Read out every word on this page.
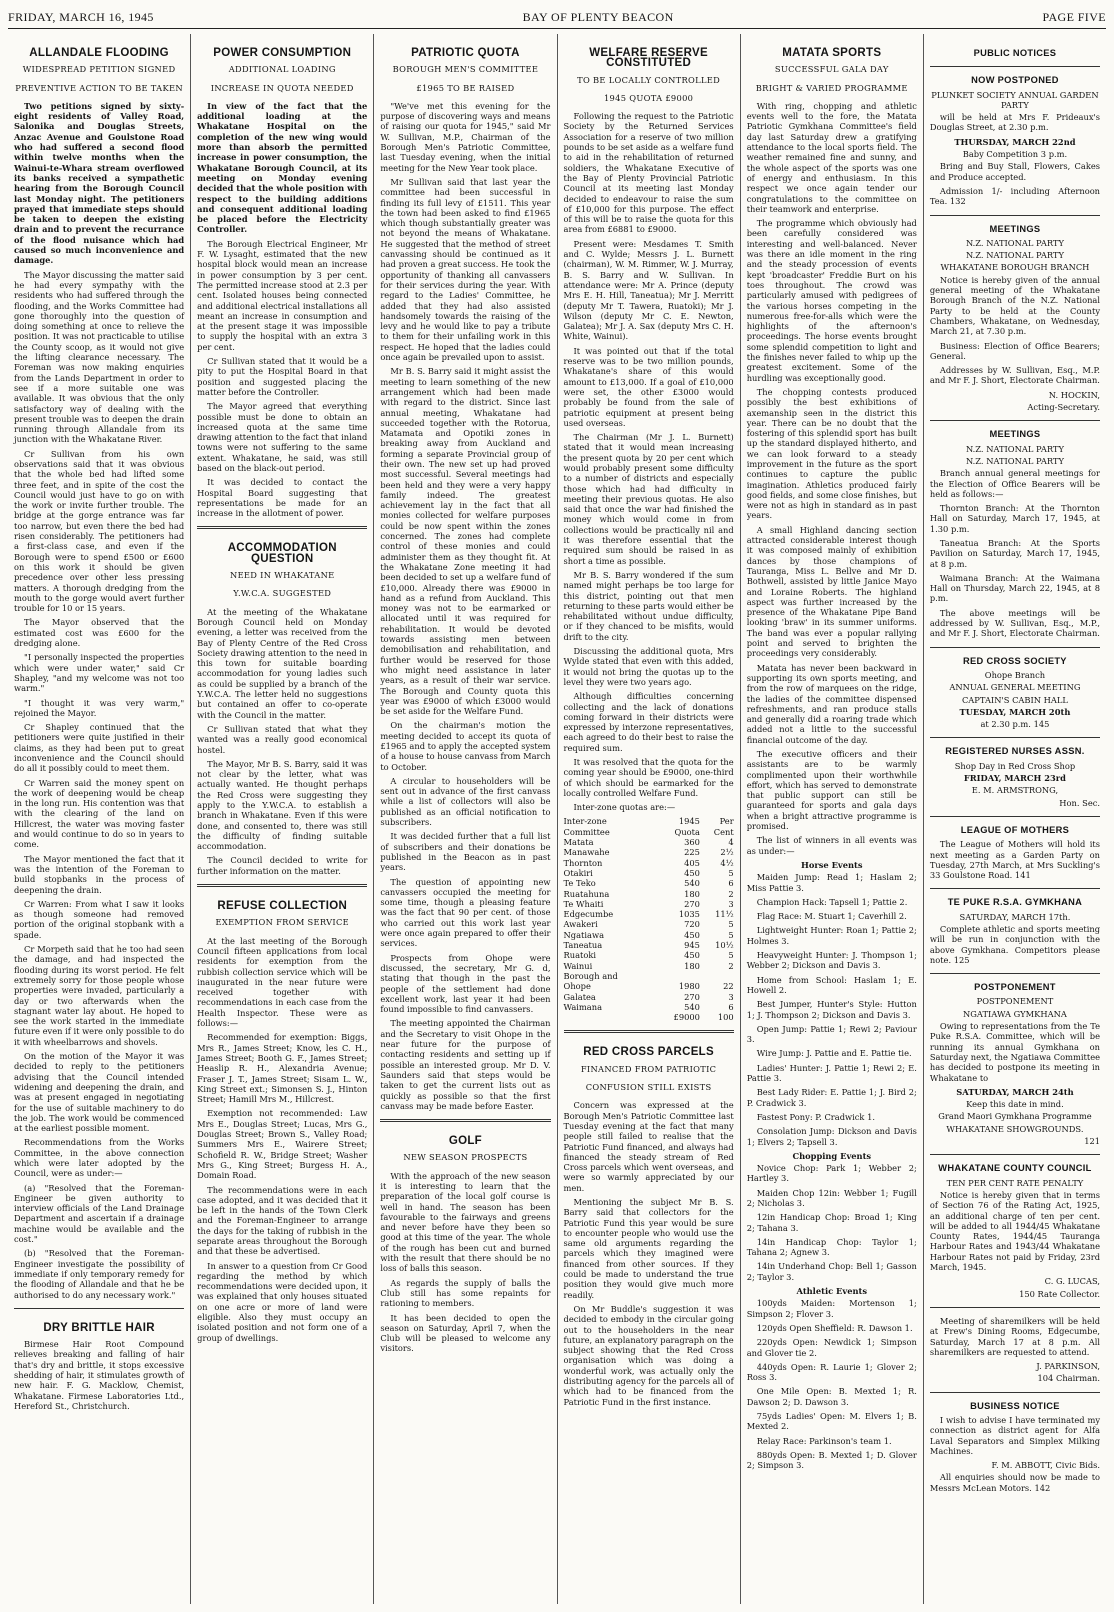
FRIDAY, MARCH 16, 1945	BAY OF PLENTY BEACON	PAGE FIVE
ALLANDALE FLOODING
WIDESPREAD PETITION SIGNED
PREVENTIVE ACTION TO BE TAKEN

Two petitions signed by sixty-eight residents of Valley Road, Salonika and Douglas Streets, Anzac Avenue and Goulstone Road who had suffered a second flood within twelve months when the Wainui-te-Whara stream overflowed its banks received a sympathetic hearing from the Borough Council last Monday night. The petitioners prayed that immediate steps should be taken to deepen the existing drain and to prevent the recurrance of the flood nuisance which had caused so much inconvenience and damage.

The Mayor discussing the matter said he had every sympathy with the residents who had suffered through the flooding, and the Works Committee had gone thoroughly into the question of doing something at once to relieve the position. It was not practicable to utilise the County scoop, as it would not give the lifting clearance necessary. The Foreman was now making enquiries from the Lands Department in order to see if a more suitable one was available. It was obvious that the only satisfactory way of dealing with the present trouble was to deepen the drain running through Allandale from its junction with the Whakatane River.

Cr Sullivan from his own observations said that it was obvious that the whole bed had lifted some three feet, and in spite of the cost the Council would just have to go on with the work or invite further trouble. The bridge at the gorge entrance was far too narrow, but even there the bed had risen considerably. The petitioners had a first-class case, and even if the Borough were to spend £500 or £600 on this work it should be given precedence over other less pressing matters. A thorough dredging from the mouth to the gorge would avert further trouble for 10 or 15 years.

The Mayor observed that the estimated cost was £600 for the dredging alone.

"I personally inspected the properties which were under water," said Cr Shapley, "and my welcome was not too warm."

"I thought it was very warm," rejoined the Mayor.

Cr Shapley continued that the petitioners were quite justified in their claims, as they had been put to great inconvenience and the Council should do all it possibly could to meet them.

Cr Warren said the money spent on the work of deepening would be cheap in the long run. His contention was that with the clearing of the land on Hillcrest, the water was moving faster and would continue to do so in years to come.

The Mayor mentioned the fact that it was the intention of the Foreman to build stopbanks in the process of deepening the drain.

Cr Warren: From what I saw it looks as though someone had removed portion of the original stopbank with a spade.

Cr Morpeth said that he too had seen the damage, and had inspected the flooding during its worst period. He felt extremely sorry for those people whose properties were invaded, particularly a day or two afterwards when the stagnant water lay about. He hoped to see the work started in the immediate future even if it were only possible to do it with wheelbarrows and shovels.

On the motion of the Mayor it was decided to reply to the petitioners advising that the Council intended widening and deepening the drain, and was at present engaged in negotiating for the use of suitable machinery to do the job. The work would be commenced at the earliest possible moment.

Recommendations from the Works Committee, in the above connection which were later adopted by the Council, were as under:—

(a) "Resolved that the Foreman-Engineer be given authority to interview officials of the Land Drainage Department and ascertain if a drainage machine would be available and the cost."

(b) "Resolved that the Foreman-Engineer investigate the possibility of immediate if only temporary remedy for the flooding of Allandale and that he be authorised to do any necessary work."

DRY BRITTLE HAIR

Birmese Hair Root Compound relieves breaking and falling of hair that's dry and brittle, it stops excessive shedding of hair, it stimulates growth of new hair. F. G. Macklow, Chemist, Whakatane. Firmese Laboratories Ltd., Hereford St., Christchurch.

POWER CONSUMPTION
ADDITIONAL LOADING
INCREASE IN QUOTA NEEDED

In view of the fact that the additional loading at the Whakatane Hospital on the completion of the new wing would more than absorb the permitted increase in power consumption, the Whakatane Borough Council, at its meeting on Monday evening decided that the whole position with respect to the building additions and consequent additional loading be placed before the Electricity Controller.

The Borough Electrical Engineer, Mr F. W. Lysaght, estimated that the new hospital block would mean an increase in power consumption by 3 per cent. The permitted increase stood at 2.3 per cent. Isolated houses being connected and additional electrical installations all meant an increase in consumption and at the present stage it was impossible to supply the hospital with an extra 3 per cent.

Cr Sullivan stated that it would be a pity to put the Hospital Board in that position and suggested placing the matter before the Controller.

The Mayor agreed that everything possible must be done to obtain an increased quota at the same time drawing attention to the fact that inland towns were not suffering to the same extent. Whakatane, he said, was still based on the black-out period.

It was decided to contact the Hospital Board suggesting that representations be made for an increase in the allotment of power.

ACCOMMODATION QUESTION
NEED IN WHAKATANE
Y.W.C.A. SUGGESTED

At the meeting of the Whakatane Borough Council held on Monday evening, a letter was received from the Bay of Plenty Centre of the Red Cross Society drawing attention to the need in this town for suitable boarding accommodation for young ladies such as could be supplied by a branch of the Y.W.C.A. The letter held no suggestions but contained an offer to co-operate with the Council in the matter.

Cr Sullivan stated that what they wanted was a really good economical hostel.

The Mayor, Mr B. S. Barry, said it was not clear by the letter, what was actually wanted. He thought perhaps the Red Cross were suggesting they apply to the Y.W.C.A. to establish a branch in Whakatane. Even if this were done, and consented to, there was still the difficulty of finding suitable accommodation.

The Council decided to write for further information on the matter.

REFUSE COLLECTION
EXEMPTION FROM SERVICE

At the last meeting of the Borough Council fifteen applications from local residents for exemption from the rubbish collection service which will be inaugurated in the near future were received together with recommendations in each case from the Health Inspector. These were as follows:—

Recommended for exemption: Biggs, Mrs R., James Street; Know, les C. H., James Street; Booth G. F., James Street; Heaslip R. H., Alexandria Avenue; Fraser J. T., James Street; Sisam L. W., King Street ext.; Simonsen S. J., Hinton Street; Hamill Mrs M., Hillcrest.

Exemption not recommended: Law Mrs E., Douglas Street; Lucas, Mrs G., Douglas Street; Brown S., Valley Road; Summers Mrs E., Wairere Street; Schofield R. W., Bridge Street; Washer Mrs G., King Street; Burgess H. A., Domain Road.

The recommendations were in each case adopted, and it was decided that it be left in the hands of the Town Clerk and the Foreman-Engineer to arrange the days for the taking of rubbish in the separate areas throughout the Borough and that these be advertised.

In answer to a question from Cr Good regarding the method by which recommendations were decided upon, it was explained that only houses situated on one acre or more of land were eligible. Also they must occupy an isolated position and not form one of a group of dwellings.

PATRIOTIC QUOTA
BOROUGH MEN'S COMMITTEE
£1965 TO BE RAISED

"We've met this evening for the purpose of discovering ways and means of raising our quota for 1945," said Mr W. Sullivan, M.P., Chairman of the Borough Men's Patriotic Committee, last Tuesday evening, when the initial meeting for the New Year took place.

Mr Sullivan said that last year the committee had been successful in finding its full levy of £1511. This year the town had been asked to find £1965 which though substantially greater was not beyond the means of Whakatane. He suggested that the method of street canvassing should be continued as it had proven a great success. He took the opportunity of thanking all canvassers for their services during the year. With regard to the Ladies' Committee, he added that they had also assisted handsomely towards the raising of the levy and he would like to pay a tribute to them for their unfailing work in this respect. He hoped that the ladies could once again be prevailed upon to assist.

Mr B. S. Barry said it might assist the meeting to learn something of the new arrangement which had been made with regard to the district. Since last annual meeting, Whakatane had succeeded together with the Rotorua, Matamata and Opotiki zones in breaking away from Auckland and forming a separate Provincial group of their own. The new set up had proved most successful. Several meetings had been held and they were a very happy family indeed. The greatest achievement lay in the fact that all monies collected for welfare purposes could be now spent within the zones concerned. The zones had complete control of these monies and could administer them as they thought fit. At the Whakatane Zone meeting it had been decided to set up a welfare fund of £10,000. Already there was £9000 in hand as a refund from Auckland. This money was not to be earmarked or allocated until it was required for rehabilitation. It would be devoted towards assisting men between demobilisation and rehabilitation, and further would be reserved for those who might need assistance in later years, as a result of their war service. The Borough and County quota this year was £9000 of which £3000 would be set aside for the Welfare Fund.

On the chairman's motion the meeting decided to accept its quota of £1965 and to apply the accepted system of a house to house canvass from March to October.

A circular to householders will be sent out in advance of the first canvass while a list of collectors will also be published as an official notification to subscribers.

It was decided further that a full list of subscribers and their donations be published in the Beacon as in past years.

The question of appointing new canvassers occupied the meeting for some time, though a pleasing feature was the fact that 90 per cent. of those who carried out this work last year were once again prepared to offer their services.

Prospects from Ohope were discussed, the secretary, Mr G. d, stating that though in the past the people of the settlement had done excellent work, last year it had been found impossible to find canvassers.

The meeting appointed the Chairman and the Secretary to visit Ohope in the near future for the purpose of contacting residents and setting up if possible an interested group. Mr D. V. Saunders said that steps would be taken to get the current lists out as quickly as possible so that the first canvass may be made before Easter.

GOLF
NEW SEASON PROSPECTS

With the approach of the new season it is interesting to learn that the preparation of the local golf course is well in hand. The season has been favourable to the fairways and greens and never before have they been so good at this time of the year. The whole of the rough has been cut and burned with the result that there should be no loss of balls this season.

As regards the supply of balls the Club still has some repaints for rationing to members.

It has been decided to open the season on Saturday, April 7, when the Club will be pleased to welcome any visitors.

WELFARE RESERVE CONSTITUTED
TO BE LOCALLY CONTROLLED
1945 QUOTA £9000

Following the request to the Patriotic Society by the Returned Services Association for a reserve of two million pounds to be set aside as a welfare fund to aid in the rehabilitation of returned soldiers, the Whakatane Executive of the Bay of Plenty Provincial Patriotic Council at its meeting last Monday decided to endeavour to raise the sum of £10,000 for this purpose. The effect of this will be to raise the quota for this area from £6881 to £9000.

Present were: Mesdames T. Smith and C. Wylde; Messrs J. L. Burnett (chairman), W. M. Rimmer, W. J. Murray, B. S. Barry and W. Sullivan. In attendance were: Mr A. Prince (deputy Mrs E. H. Hill, Taneatua); Mr J. Merritt (deputy Mr T. Tawera, Ruatoki); Mr J. Wilson (deputy Mr C. E. Newton, Galatea); Mr J. A. Sax (deputy Mrs C. H. White, Wainui).

It was pointed out that if the total reserve was to be two million pounds, Whakatane's share of this would amount to £13,000. If a goal of £10,000 were set, the other £3000 would probably be found from the sale of patriotic equipment at present being used overseas.

The Chairman (Mr J. L. Burnett) stated that it would mean increasing the present quota by 20 per cent which would probably present some difficulty to a number of districts and especially those which had had difficulty in meeting their previous quotas. He also said that once the war had finished the money which would come in from collections would be practically nil and it was therefore essential that the required sum should be raised in as short a time as possible.

Mr B. S. Barry wondered if the sum named might perhaps be too large for this district, pointing out that men returning to these parts would either be rehabilitated without undue difficulty, or if they chanced to be misfits, would drift to the city.

Discussing the additional quota, Mrs Wylde stated that even with this added, it would not bring the quotas up to the level they were two years ago.

Although difficulties concerning collecting and the lack of donations coming forward in their districts were expressed by interzone representatives, each agreed to do their best to raise the required sum.

It was resolved that the quota for the coming year should be £9000, one-third of which should be earmarked for the locally controlled Welfare Fund.

Inter-zone quotas are:—

Inter-zone	1945	Per
Committee	Quota	Cent
Matata	360	4
Manawahe	225	2½
Thornton	405	4½
Otakiri	450	5
Te Teko	540	6
Ruatahuna	180	2
Te Whaiti	270	3
Edgecumbe	1035	11½
Awakeri	720	5
Ngatiawa	450	5
Taneatua	945	10½
Ruatoki	450	5
Wainui	180	2
Borough and		
Ohope	1980	22
Galatea	270	3
Waimana	540	6
	£9000	100
RED CROSS PARCELS
FINANCED FROM PATRIOTIC
CONFUSION STILL EXISTS

Concern was expressed at the Borough Men's Patriotic Committee last Tuesday evening at the fact that many people still failed to realise that the Patriotic Fund financed, and always had financed the steady stream of Red Cross parcels which went overseas, and were so warmly appreciated by our men.

Mentioning the subject Mr B. S. Barry said that collectors for the Patriotic Fund this year would be sure to encounter people who would use the same old arguments regarding the parcels which they imagined were financed from other sources. If they could be made to understand the true position they would give much more readily.

On Mr Buddle's suggestion it was decided to embody in the circular going out to the householders in the near future, an explanatory paragraph on the subject showing that the Red Cross organisation which was doing a wonderful work, was actually only the distributing agency for the parcels all of which had to be financed from the Patriotic Fund in the first instance.

MATATA SPORTS
SUCCESSFUL GALA DAY
BRIGHT & VARIED PROGRAMME

With ring, chopping and athletic events well to the fore, the Matata Patriotic Gymkhana Committee's field day last Saturday drew a gratifying attendance to the local sports field. The weather remained fine and sunny, and the whole aspect of the sports was one of energy and enthusiasm. In this respect we once again tender our congratulations to the committee on their teamwork and enterprise.

The programme which obviously had been carefully considered was interesting and well-balanced. Never was there an idle moment in the ring and the steady procession of events kept 'broadcaster' Freddie Burt on his toes throughout. The crowd was particularly amused with pedigrees of the various horses competing in the numerous free-for-alls which were the highlights of the afternoon's proceedings. The horse events brought some splendid competition to light and the finishes never failed to whip up the greatest excitement. Some of the hurdling was exceptionally good.

The chopping contests produced possibly the best exhibitions of axemanship seen in the district this year. There can be no doubt that the fostering of this splendid sport has built up the standard displayed hitherto, and we can look forward to a steady improvement in the future as the sport continues to capture the public imagination. Athletics produced fairly good fields, and some close finishes, but were not as high in standard as in past years.

A small Highland dancing section attracted considerable interest though it was composed mainly of exhibition dances by those champions of Tauranga, Miss L. Bellve and Mr D. Bothwell, assisted by little Janice Mayo and Loraine Roberts. The highland aspect was further increased by the presence of the Whakatane Pipe Band looking 'braw' in its summer uniforms. The band was ever a popular rallying point and served to brighten the proceedings very considerably.

Matata has never been backward in supporting its own sports meeting, and from the row of marquees on the ridge, the ladies of the committee dispensed refreshments, and ran produce stalls and generally did a roaring trade which added not a little to the successful financial outcome of the day.

The executive officers and their assistants are to be warmly complimented upon their worthwhile effort, which has served to demonstrate that public support can still be guaranteed for sports and gala days when a bright attractive programme is promised.

The list of winners in all events was as under:—

Horse Events

Maiden Jump: Read 1; Haslam 2; Miss Pattie 3.

Champion Hack: Tapsell 1; Pattie 2.

Flag Race: M. Stuart 1; Caverhill 2.

Lightweight Hunter: Roan 1; Pattie 2; Holmes 3.

Heavyweight Hunter: J. Thompson 1; Webber 2; Dickson and Davis 3.

Home from School: Haslam 1; E. Howell 2.

Best Jumper, Hunter's Style: Hutton 1; J. Thompson 2; Dickson and Davis 3.

Open Jump: Pattie 1; Rewi 2; Paviour 3.

Wire Jump: J. Pattie and E. Pattie tie.

Ladies' Hunter: J. Pattie 1; Rewi 2; E. Pattie 3.

Best Lady Rider: E. Pattie 1; J. Bird 2; P. Cradwick 3.

Fastest Pony: P. Cradwick 1.

Consolation Jump: Dickson and Davis 1; Elvers 2; Tapsell 3.

Chopping Events

Novice Chop: Park 1; Webber 2; Hartley 3.

Maiden Chop 12in: Webber 1; Fugill 2; Nicholas 3.

12in Handicap Chop: Broad 1; King 2; Tahana 3.

14in Handicap Chop: Taylor 1; Tahana 2; Agnew 3.

14in Underhand Chop: Bell 1; Gasson 2; Taylor 3.

Athletic Events

100yds Maiden: Mortenson 1; Simpson 2; Flover 3.

120yds Open Sheffield: R. Dawson 1.

220yds Open: Newdick 1; Simpson and Glover tie 2.

440yds Open: R. Laurie 1; Glover 2; Ross 3.

One Mile Open: B. Mexted 1; R. Dawson 2; D. Dawson 3.

75yds Ladies' Open: M. Elvers 1; B. Mexted 2.

Relay Race: Parkinson's team 1.

880yds Open: B. Mexted 1; D. Glover 2; Simpson 3.

PUBLIC NOTICES
NOW POSTPONED
PLUNKET SOCIETY ANNUAL GARDEN PARTY

will be held at Mrs F. Prideaux's Douglas Street, at 2.30 p.m.

THURSDAY, MARCH 22nd
Baby Competition 3 p.m.

Bring and Buy Stall, Flowers, Cakes and Produce accepted.

Admission 1/- including Afternoon Tea. 132

MEETINGS
N.Z. NATIONAL PARTY
N.Z. NATIONAL PARTY
WHAKATANE BOROUGH BRANCH

Notice is hereby given of the annual general meeting of the Whakatane Borough Branch of the N.Z. National Party to be held at the County Chambers, Whakatane, on Wednesday, March 21, at 7.30 p.m.

Business: Election of Office Bearers; General.

Addresses by W. Sullivan, Esq., M.P. and Mr F. J. Short, Electorate Chairman.

N. HOCKIN,
Acting-Secretary.
MEETINGS
N.Z. NATIONAL PARTY
N.Z. NATIONAL PARTY

Branch annual general meetings for the Election of Office Bearers will be held as follows:—

Thornton Branch: At the Thornton Hall on Saturday, March 17, 1945, at 1.30 p.m.

Taneatua Branch: At the Sports Pavilion on Saturday, March 17, 1945, at 8 p.m.

Waimana Branch: At the Waimana Hall on Thursday, March 22, 1945, at 8 p.m.

The above meetings will be addressed by W. Sullivan, Esq., M.P., and Mr F. J. Short, Electorate Chairman.

RED CROSS SOCIETY
Ohope Branch
ANNUAL GENERAL MEETING
CAPTAIN'S CABIN HALL
TUESDAY, MARCH 20th
at 2.30 p.m. 145
REGISTERED NURSES ASSN.
Shop Day in Red Cross Shop
FRIDAY, MARCH 23rd
E. M. ARMSTRONG,
Hon. Sec.
LEAGUE OF MOTHERS

The League of Mothers will hold its next meeting as a Garden Party on Tuesday, 27th March, at Mrs Suckling's 33 Goulstone Road. 141

TE PUKE R.S.A. GYMKHANA
SATURDAY, MARCH 17th.

Complete athletic and sports meeting will be run in conjunction with the above Gymkhana. Competitors please note. 125

POSTPONEMENT
POSTPONEMENT
NGATIAWA GYMKHANA

Owing to representations from the Te Puke R.S.A. Committee, which will be running its annual Gymkhana on Saturday next, the Ngatiawa Committee has decided to postpone its meeting in Whakatane to

SATURDAY, MARCH 24th
Keep this date in mind.
Grand Maori Gymkhana Programme
WHAKATANE SHOWGROUNDS.
121
WHAKATANE COUNTY COUNCIL
TEN PER CENT RATE PENALTY

Notice is hereby given that in terms of Section 76 of the Rating Act, 1925, an additional charge of ten per cent. will be added to all 1944/45 Whakatane County Rates, 1944/45 Tauranga Harbour Rates and 1943/44 Whakatane Harbour Rates not paid by Friday, 23rd March, 1945.

C. G. LUCAS,
150 Rate Collector.

Meeting of sharemilkers will be held at Frew's Dining Rooms, Edgecumbe, Saturday, March 17 at 8 p.m. All sharemilkers are requested to attend.

J. PARKINSON,
104 Chairman.
BUSINESS NOTICE

I wish to advise I have terminated my connection as district agent for Alfa Laval Separators and Simplex Milking Machines.

F. M. ABBOTT, Civic Bids.

All enquiries should now be made to Messrs McLean Motors. 142
